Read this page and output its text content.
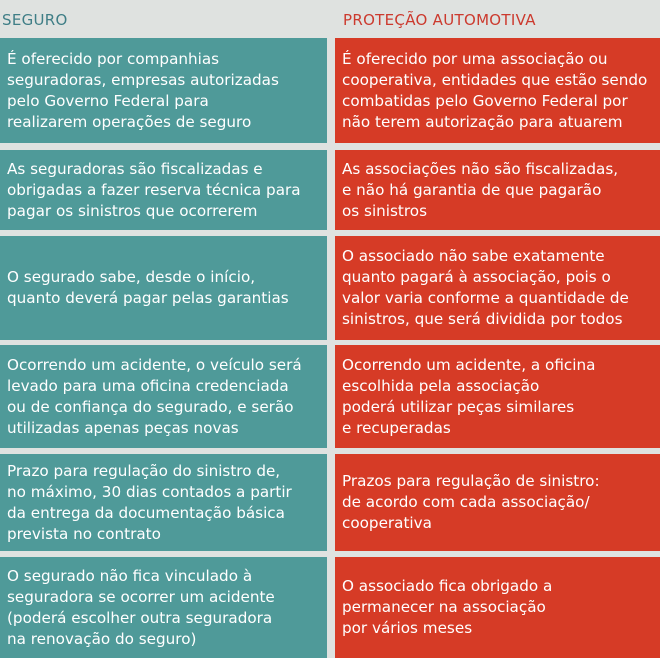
SEGURO	PROTEÇÃO AUTOMOTIVA
É oferecido por companhias
seguradoras, empresas autorizadas
pelo Governo Federal para
realizarem operações de seguro
É oferecido por uma associação ou
cooperativa, entidades que estão sendo
combatidas pelo Governo Federal por
não terem autorização para atuarem
As seguradoras são fiscalizadas e
obrigadas a fazer reserva técnica para
pagar os sinistros que ocorrerem
As associações não são fiscalizadas,
e não há garantia de que pagarão
os sinistros
O segurado sabe, desde o início,
quanto deverá pagar pelas garantias
O associado não sabe exatamente
quanto pagará à associação, pois o
valor varia conforme a quantidade de
sinistros, que será dividida por todos
Ocorrendo um acidente, o veículo será
levado para uma oficina credenciada
ou de confiança do segurado, e serão
utilizadas apenas peças novas
Ocorrendo um acidente, a oficina
escolhida pela associação
poderá utilizar peças similares
e recuperadas
Prazo para regulação do sinistro de,
no máximo, 30 dias contados a partir
da entrega da documentação básica
prevista no contrato
Prazos para regulação de sinistro:
de acordo com cada associação/
cooperativa
O segurado não fica vinculado à
seguradora se ocorrer um acidente
(poderá escolher outra seguradora
na renovação do seguro)
O associado fica obrigado a
permanecer na associação
por vários meses
